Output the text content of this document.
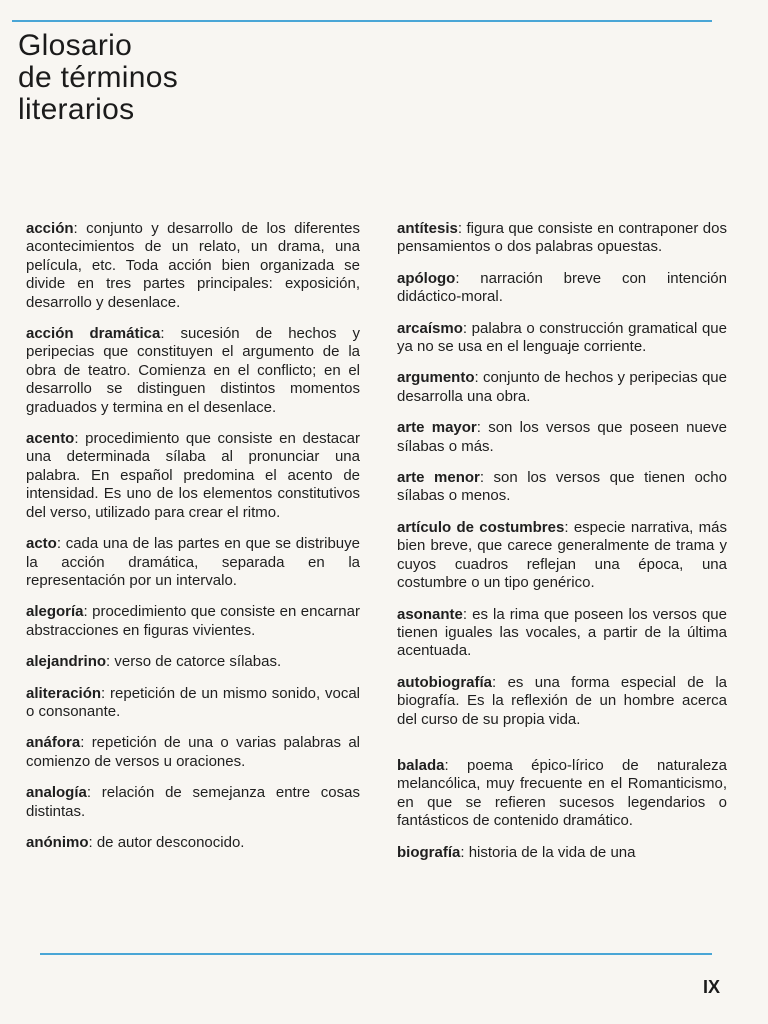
Glosario
de términos
literarios

acción: conjunto y desarrollo de los diferentes acontecimientos de un relato, un drama, una película, etc. Toda acción bien organizada se divide en tres partes principales: exposición, desarrollo y desenlace.

acción dramática: sucesión de hechos y peripecias que constituyen el argumento de la obra de teatro. Comienza en el conflicto; en el desarrollo se distinguen distintos momentos graduados y termina en el desenlace.

acento: procedimiento que consiste en destacar una determinada sílaba al pronunciar una palabra. En español predomina el acento de intensidad. Es uno de los elementos constitutivos del verso, utilizado para crear el ritmo.

acto: cada una de las partes en que se distribuye la acción dramática, separada en la representación por un intervalo.

alegoría: procedimiento que consiste en encarnar abstracciones en figuras vivientes.

alejandrino: verso de catorce sílabas.

aliteración: repetición de un mismo sonido, vocal o consonante.

anáfora: repetición de una o varias palabras al comienzo de versos u oraciones.

analogía: relación de semejanza entre cosas distintas.

anónimo: de autor desconocido.

antítesis: figura que consiste en contraponer dos pensamientos o dos palabras opuestas.

apólogo: narración breve con intención didáctico-moral.

arcaísmo: palabra o construcción gramatical que ya no se usa en el lenguaje corriente.

argumento: conjunto de hechos y peripecias que desarrolla una obra.

arte mayor: son los versos que poseen nueve sílabas o más.

arte menor: son los versos que tienen ocho sílabas o menos.

artículo de costumbres: especie narrativa, más bien breve, que carece generalmente de trama y cuyos cuadros reflejan una época, una costumbre o un tipo genérico.

asonante: es la rima que poseen los versos que tienen iguales las vocales, a partir de la última acentuada.

autobiografía: es una forma especial de la biografía. Es la reflexión de un hombre acerca del curso de su propia vida.

balada: poema épico-lírico de naturaleza melancólica, muy frecuente en el Romanticismo, en que se refieren sucesos legendarios o fantásticos de contenido dramático.

biografía: historia de la vida de una

IX
